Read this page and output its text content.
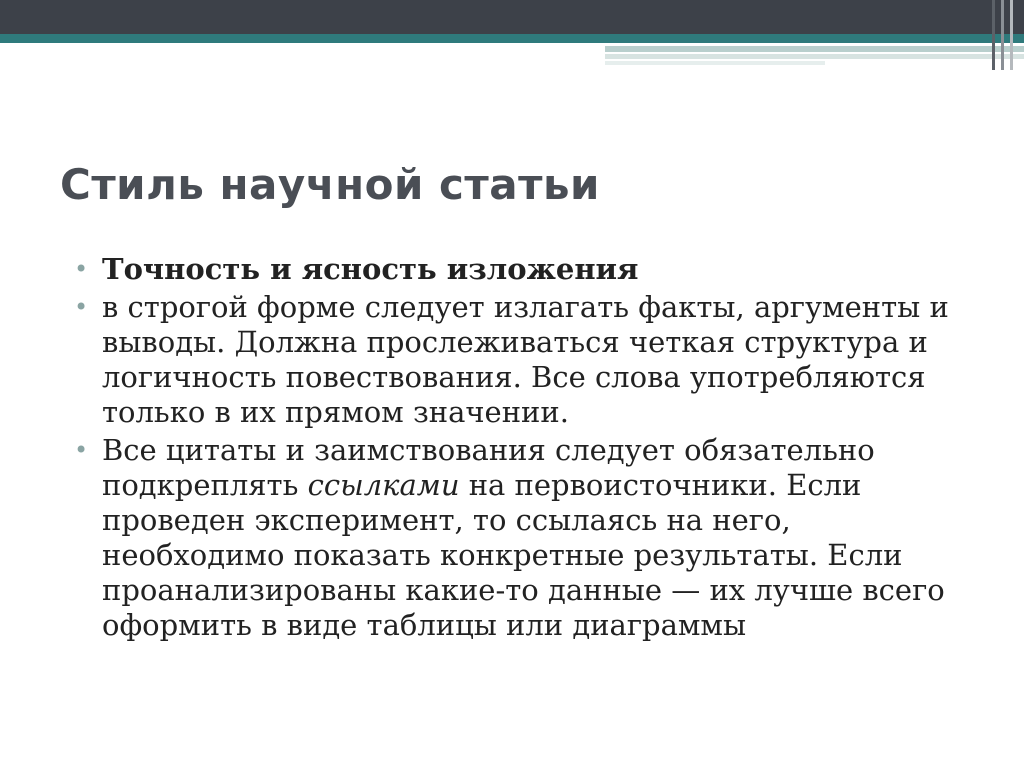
Стиль научной статьи
• Точность и ясность изложения
• в строгой форме следует излагать факты, аргументы и выводы. Должна прослеживаться четкая структура и логичность повествования. Все слова употребляются только в их прямом значении.
• Все цитаты и заимствования следует обязательно подкреплять ссылками на первоисточники. Если проведен эксперимент, то ссылаясь на него, необходимо показать конкретные результаты. Если проанализированы какие-то данные — их лучше всего оформить в виде таблицы или диаграммы
